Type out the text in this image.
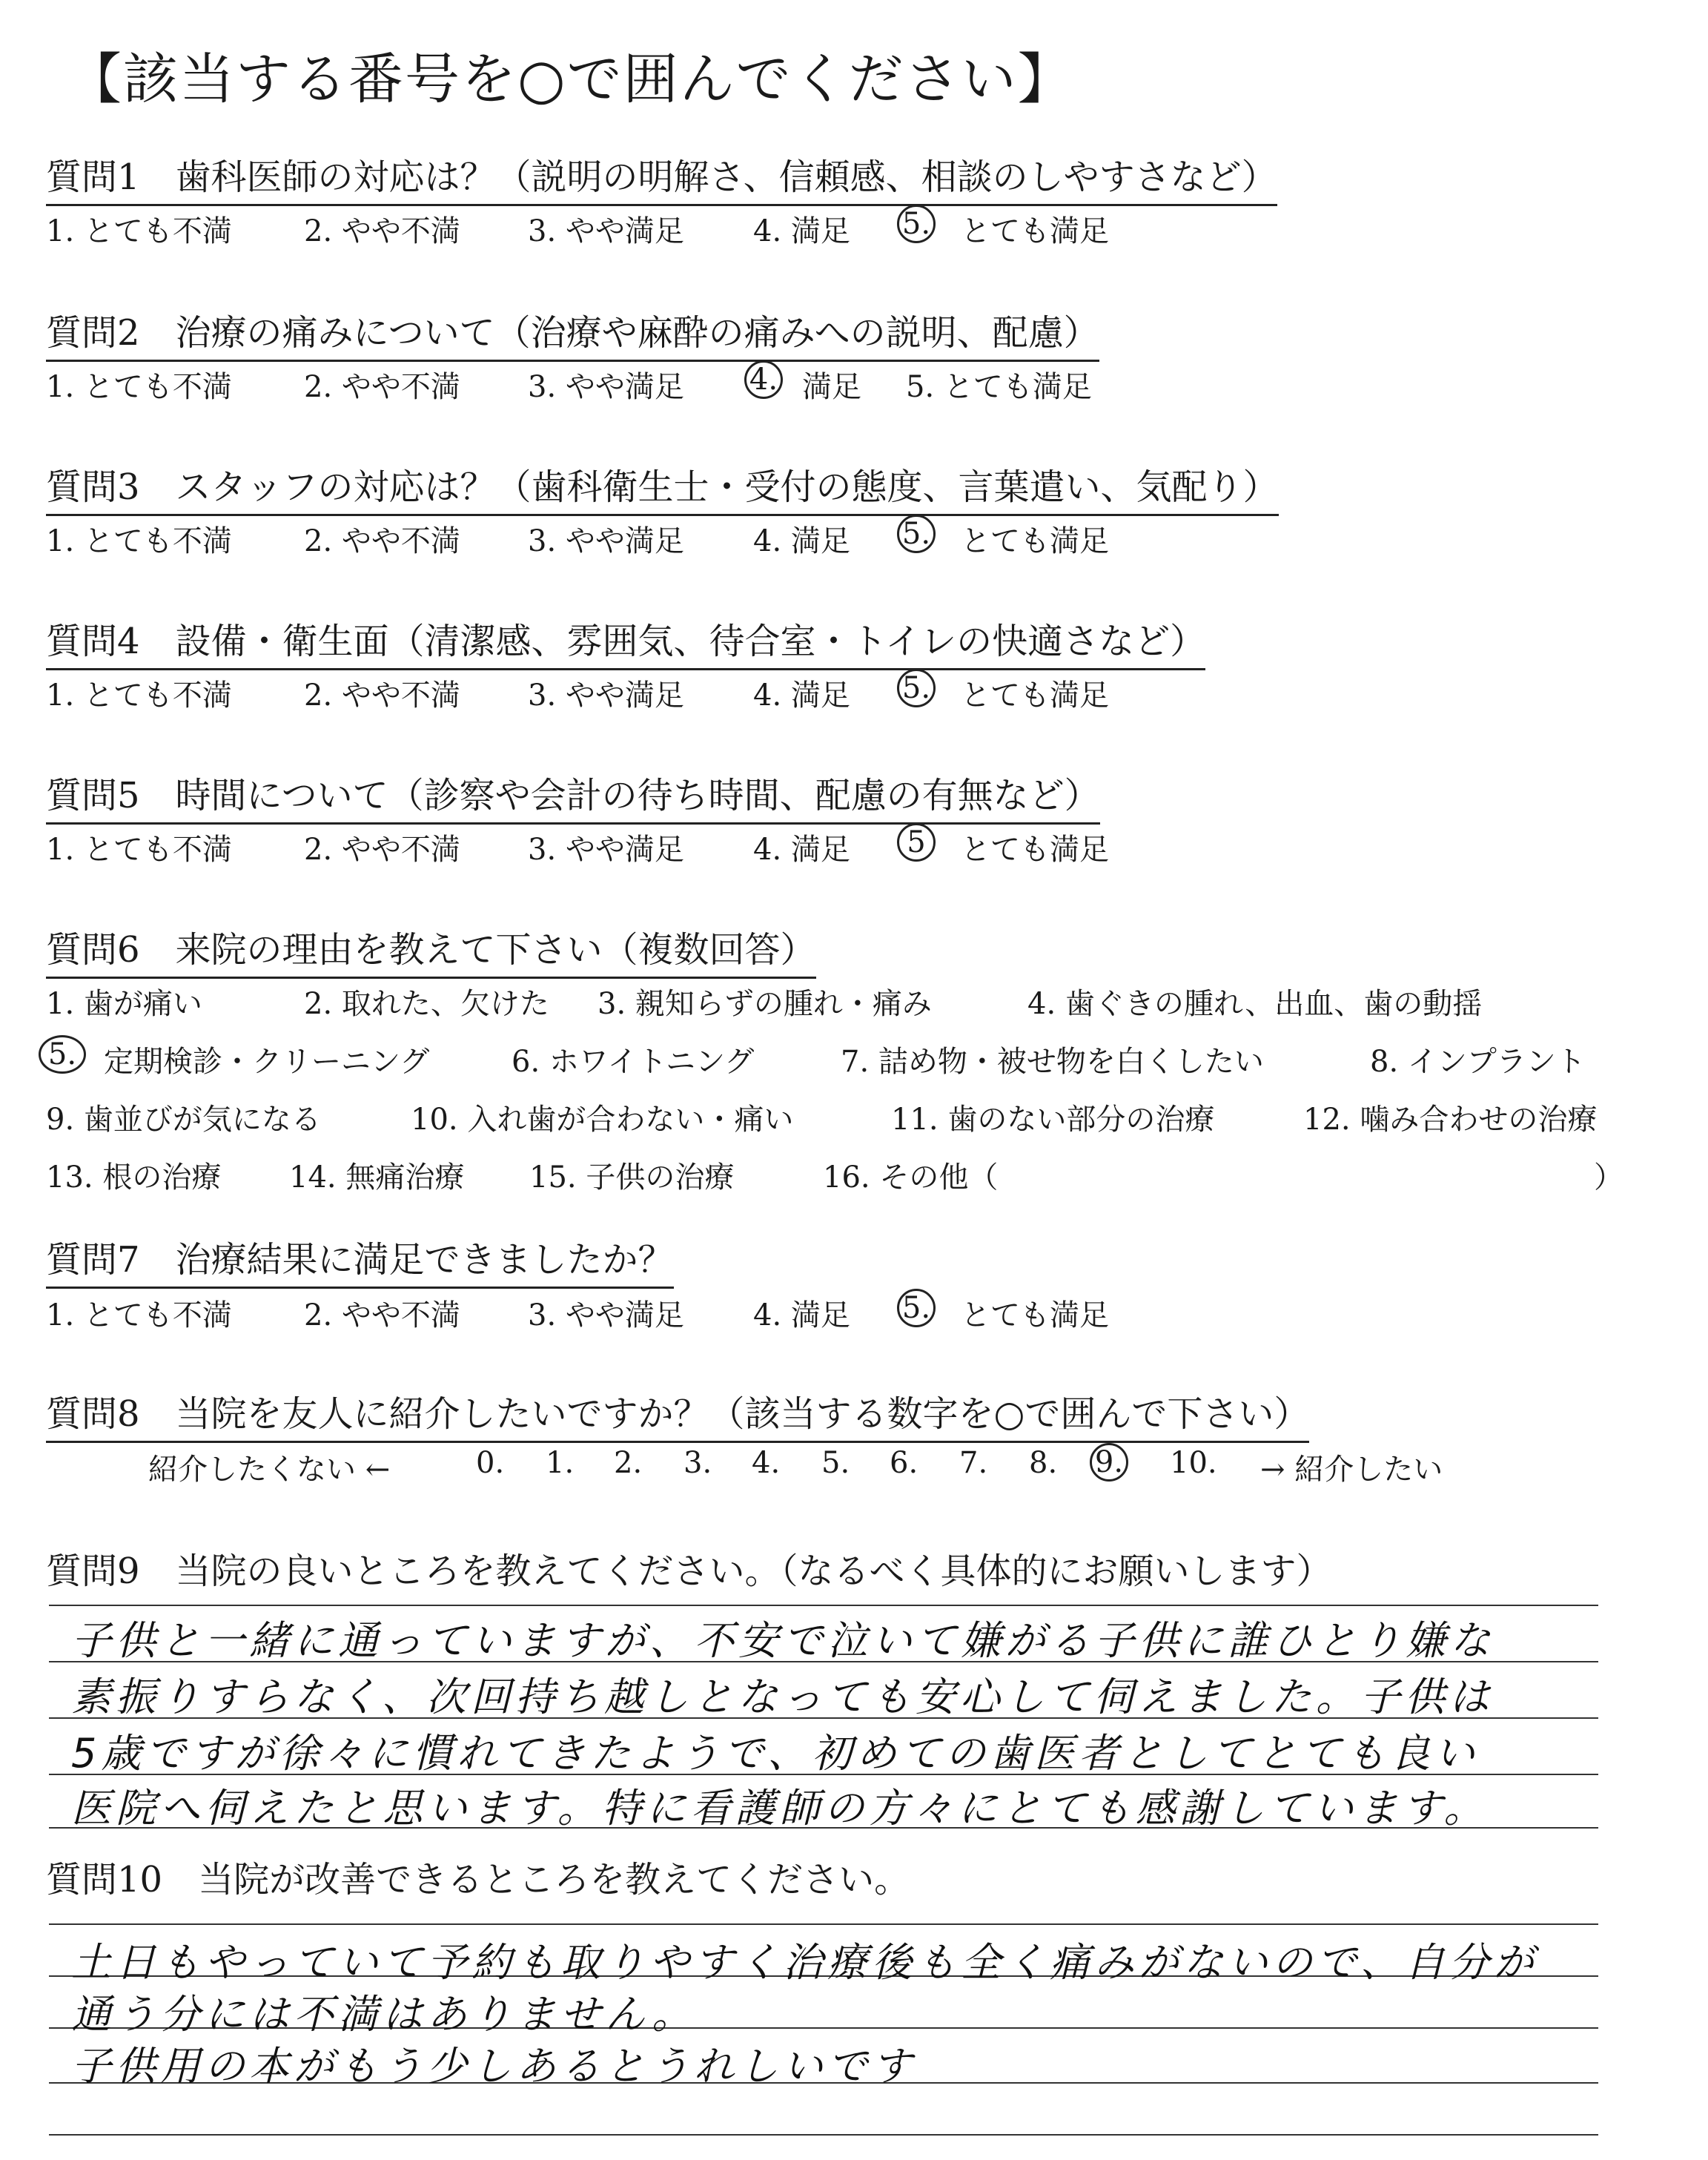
【該当する番号を○で囲んでください】
質問1　歯科医師の対応は？（説明の明解さ、信頼感、相談のしやすさなど）
1. とても不満 2. やや不満 3. やや満足 4. 満足 5. とても満足
質問2　治療の痛みについて（治療や麻酔の痛みへの説明、配慮）
1. とても不満 2. やや不満 3. やや満足 4. 満足 5. とても満足
質問3　スタッフの対応は？（歯科衛生士・受付の態度、言葉遣い、気配り）
1. とても不満 2. やや不満 3. やや満足 4. 満足 5. とても満足
質問4　設備・衛生面（清潔感、雰囲気、待合室・トイレの快適さなど）
1. とても不満 2. やや不満 3. やや満足 4. 満足 5. とても満足
質問5　時間について（診察や会計の待ち時間、配慮の有無など）
1. とても不満 2. やや不満 3. やや満足 4. 満足	5	とても満足
質問6　来院の理由を教えて下さい（複数回答）
1. 歯が痛い	2. 取れた、欠けた 3. 親知らずの腫れ・痛み	4. 歯ぐきの腫れ、出血、歯の動揺
5. 定期検診・クリーニング	6. ホワイトニング	7. 詰め物・被せ物を白くしたい	8. インプラント
9. 歯並びが気になる	10. 入れ歯が合わない・痛い	11. 歯のない部分の治療	12. 噛み合わせの治療
13. 根の治療 14. 無痛治療 15. 子供の治療	16. その他（	）
質問7　治療結果に満足できましたか？
1. とても不満 2. やや不満 3. やや満足 4. 満足 5. とても満足
質問8　当院を友人に紹介したいですか？（該当する数字を○で囲んで下さい）
紹介したくない ←	0. 1. 2. 3. 4. 5. 6. 7. 8. 9. 10. → 紹介したい
質問9　当院の良いところを教えてください。（なるべく具体的にお願いします）
子供と一緒に通っていますが、不安で泣いて嫌がる子供に誰ひとり嫌な
素振りすらなく、次回持ち越しとなっても安心して伺えました。子供は
5歳ですが徐々に慣れてきたようで、初めての歯医者としてとても良い
医院へ伺えたと思います。特に看護師の方々にとても感謝しています。
質問10　当院が改善できるところを教えてください。
土日もやっていて予約も取りやすく治療後も全く痛みがないので、自分が
通う分には不満はありません。
子供用の本がもう少しあるとうれしいです
